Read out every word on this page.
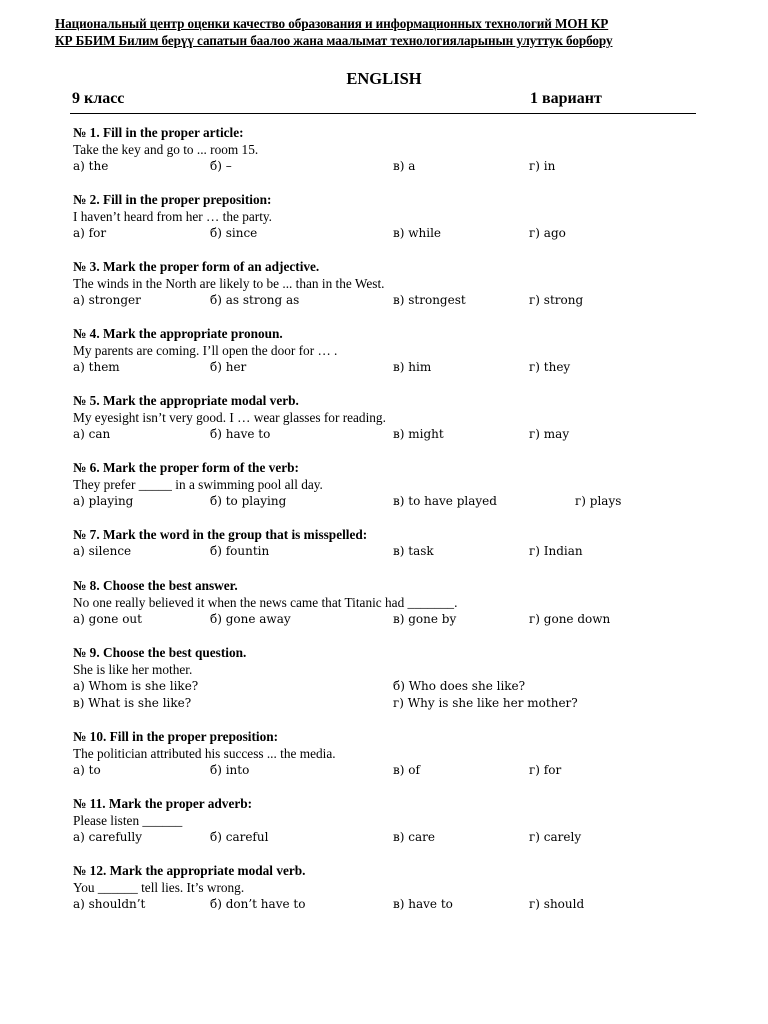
Национальный центр оценки качество образования и информационных технологий МОН КР
КР ББИМ Билим берүү сапатын баалоо жана маалымат технологияларынын улуттук борбору
ENGLISH
9 класс	1 вариант
№ 1. Fill in the proper article:
Take the key and go to ... room 15.
а) the	б) –	в) a	г) in
№ 2. Fill in the proper preposition:
I haven’t heard from her … the party.
а) for	б) since	в) while	г) ago
№ 3. Mark the proper form of an adjective.
The winds in the North are likely to be ... than in the West.
а) stronger	б) as strong as	в) strongest	г) strong
№ 4. Mark the appropriate pronoun.
My parents are coming. I’ll open the door for … .
а) them	б) her	в) him	г) they
№ 5. Mark the appropriate modal verb.
My eyesight isn’t very good. I … wear glasses for reading.
а) can	б) have to	в) might	г) may
№ 6. Mark the proper form of the verb:
They prefer _____ in a swimming pool all day.
а) playing	б) to playing	в) to have played	г) plays
№ 7. Mark the word in the group that is misspelled:
а) silence	б) fountin	в) task	г) Indian
№ 8. Choose the best answer.
No one really believed it when the news came that Titanic had _______.
а) gone out	б) gone away	в) gone by	г) gone down
№ 9. Choose the best question.
She is like her mother.
а) Whom is she like?	б) Who does she like?
в) What is she like?	г) Why is she like her mother?
№ 10. Fill in the proper preposition:
The politician attributed his success ... the media.
а) to	б) into	в) of	г) for
№ 11. Mark the proper adverb:
Please listen ______
а) carefully	б) careful	в) care	г) carely
№ 12. Mark the appropriate modal verb.
You ______ tell lies. It’s wrong.
а) shouldn’t	б) don’t have to	в) have to	г) should
